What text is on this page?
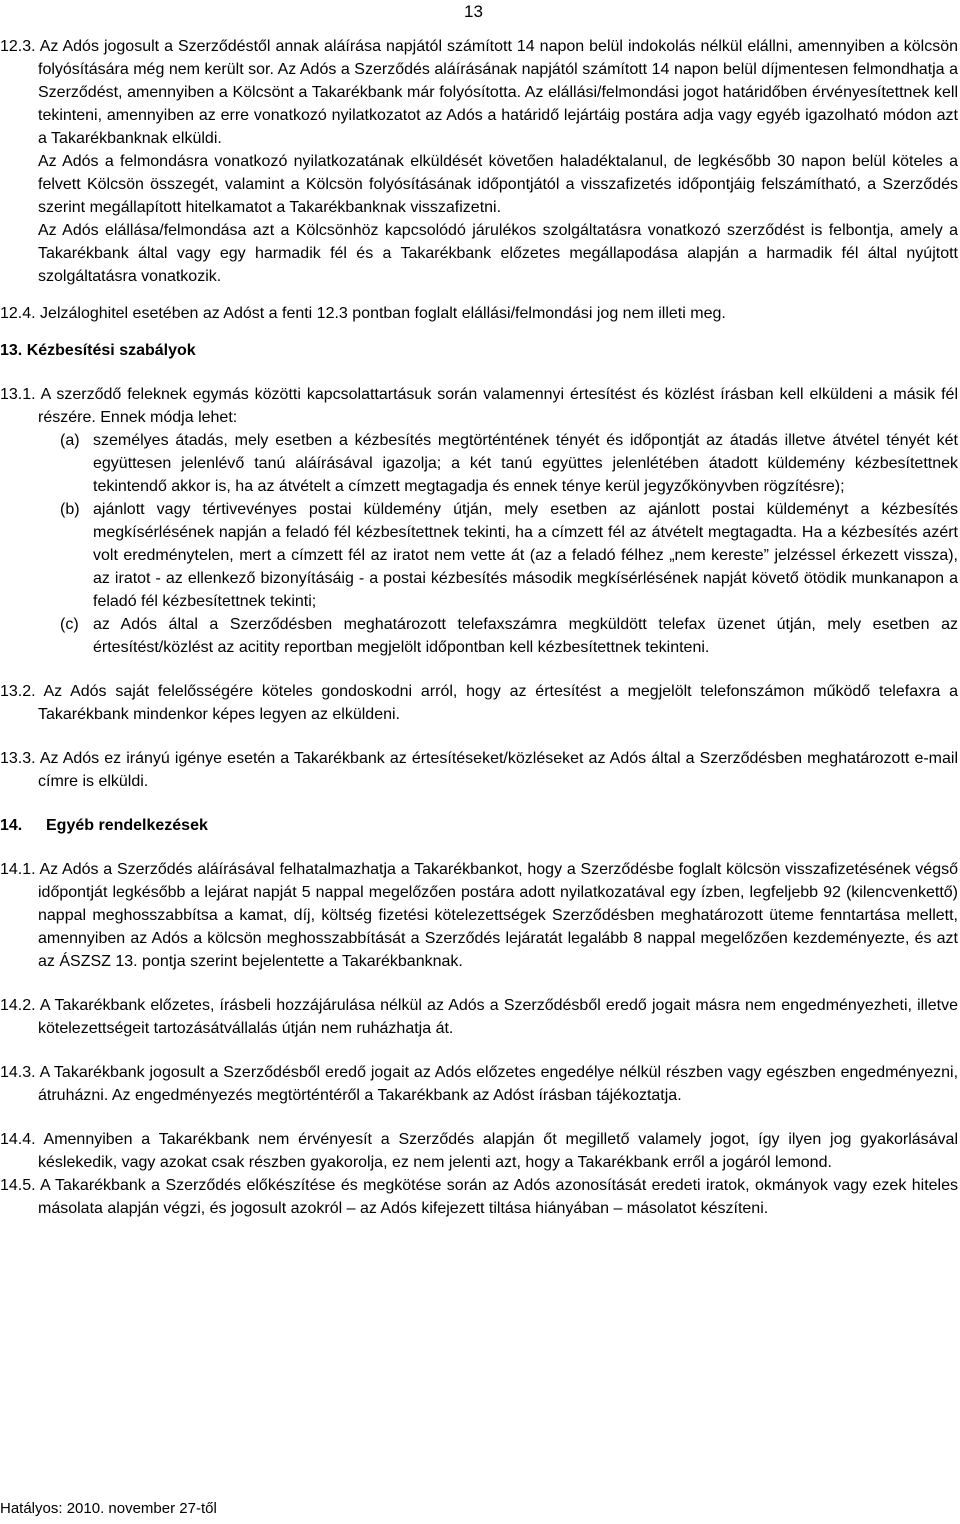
13

12.3. Az Adós jogosult a Szerződéstől annak aláírása napjától számított 14 napon belül indokolás nélkül elállni, amennyiben a kölcsön folyósítására még nem került sor. Az Adós a Szerződés aláírásának napjától számított 14 napon belül díjmentesen felmondhatja a Szerződést, amennyiben a Kölcsönt a Takarékbank már folyósította. Az elállási/felmondási jogot határidőben érvényesítettnek kell tekinteni, amennyiben az erre vonatkozó nyilatkozatot az Adós a határidő lejártáig postára adja vagy egyéb igazolható módon azt a Takarékbanknak elküldi.

Az Adós a felmondásra vonatkozó nyilatkozatának elküldését követően haladéktalanul, de legkésőbb 30 napon belül köteles a felvett Kölcsön összegét, valamint a Kölcsön folyósításának időpontjától a visszafizetés időpontjáig felszámítható, a Szerződés szerint megállapított hitelkamatot a Takarékbanknak visszafizetni.

Az Adós elállása/felmondása azt a Kölcsönhöz kapcsolódó járulékos szolgáltatásra vonatkozó szerződést is felbontja, amely a Takarékbank által vagy egy harmadik fél és a Takarékbank előzetes megállapodása alapján a harmadik fél által nyújtott szolgáltatásra vonatkozik.

12.4. Jelzáloghitel esetében az Adóst a fenti 12.3 pontban foglalt elállási/felmondási jog nem illeti meg.

13. Kézbesítési szabályok

13.1. A szerződő feleknek egymás közötti kapcsolattartásuk során valamennyi értesítést és közlést írásban kell elküldeni a másik fél részére. Ennek módja lehet:

(a) személyes átadás, mely esetben a kézbesítés megtörténtének tényét és időpontját az átadás illetve átvétel tényét két együttesen jelenlévő tanú aláírásával igazolja; a két tanú együttes jelenlétében átadott küldemény kézbesítettnek tekintendő akkor is, ha az átvételt a címzett megtagadja és ennek ténye kerül jegyzőkönyvben rögzítésre);
(b) ajánlott vagy tértivevényes postai küldemény útján, mely esetben az ajánlott postai küldeményt a kézbesítés megkísérlésének napján a feladó fél kézbesítettnek tekinti, ha a címzett fél az átvételt megtagadta. Ha a kézbesítés azért volt eredménytelen, mert a címzett fél az iratot nem vette át (az a feladó félhez „nem kereste” jelzéssel érkezett vissza), az iratot - az ellenkező bizonyításáig - a postai kézbesítés második megkísérlésének napját követő ötödik munkanapon a feladó fél kézbesítettnek tekinti;
(c) az Adós által a Szerződésben meghatározott telefaxszámra megküldött telefax üzenet útján, mely esetben az értesítést/közlést az acitity reportban megjelölt időpontban kell kézbesítettnek tekinteni.

13.2. Az Adós saját felelősségére köteles gondoskodni arról, hogy az értesítést a megjelölt telefonszámon működő telefaxra a Takarékbank mindenkor képes legyen az elküldeni.

13.3. Az Adós ez irányú igénye esetén a Takarékbank az értesítéseket/közléseket az Adós által a Szerződésben meghatározott e-mail címre is elküldi.

14. Egyéb rendelkezések

14.1. Az Adós a Szerződés aláírásával felhatalmazhatja a Takarékbankot, hogy a Szerződésbe foglalt kölcsön visszafizetésének végső időpontját legkésőbb a lejárat napját 5 nappal megelőzően postára adott nyilatkozatával egy ízben, legfeljebb 92 (kilencvenkettő) nappal meghosszabbítsa a kamat, díj, költség fizetési kötelezettségek Szerződésben meghatározott üteme fenntartása mellett, amennyiben az Adós a kölcsön meghosszabbítását a Szerződés lejáratát legalább 8 nappal megelőzően kezdeményezte, és azt az ÁSZSZ 13. pontja szerint bejelentette a Takarékbanknak.

14.2. A Takarékbank előzetes, írásbeli hozzájárulása nélkül az Adós a Szerződésből eredő jogait másra nem engedményezheti, illetve kötelezettségeit tartozásátvállalás útján nem ruházhatja át.

14.3. A Takarékbank jogosult a Szerződésből eredő jogait az Adós előzetes engedélye nélkül részben vagy egészben engedményezni, átruházni. Az engedményezés megtörténtéről a Takarékbank az Adóst írásban tájékoztatja.

14.4. Amennyiben a Takarékbank nem érvényesít a Szerződés alapján őt megillető valamely jogot, így ilyen jog gyakorlásával késlekedik, vagy azokat csak részben gyakorolja, ez nem jelenti azt, hogy a Takarékbank erről a jogáról lemond.

14.5. A Takarékbank a Szerződés előkészítése és megkötése során az Adós azonosítását eredeti iratok, okmányok vagy ezek hiteles másolata alapján végzi, és jogosult azokról – az Adós kifejezett tiltása hiányában – másolatot készíteni.

Hatályos: 2010. november 27-től
